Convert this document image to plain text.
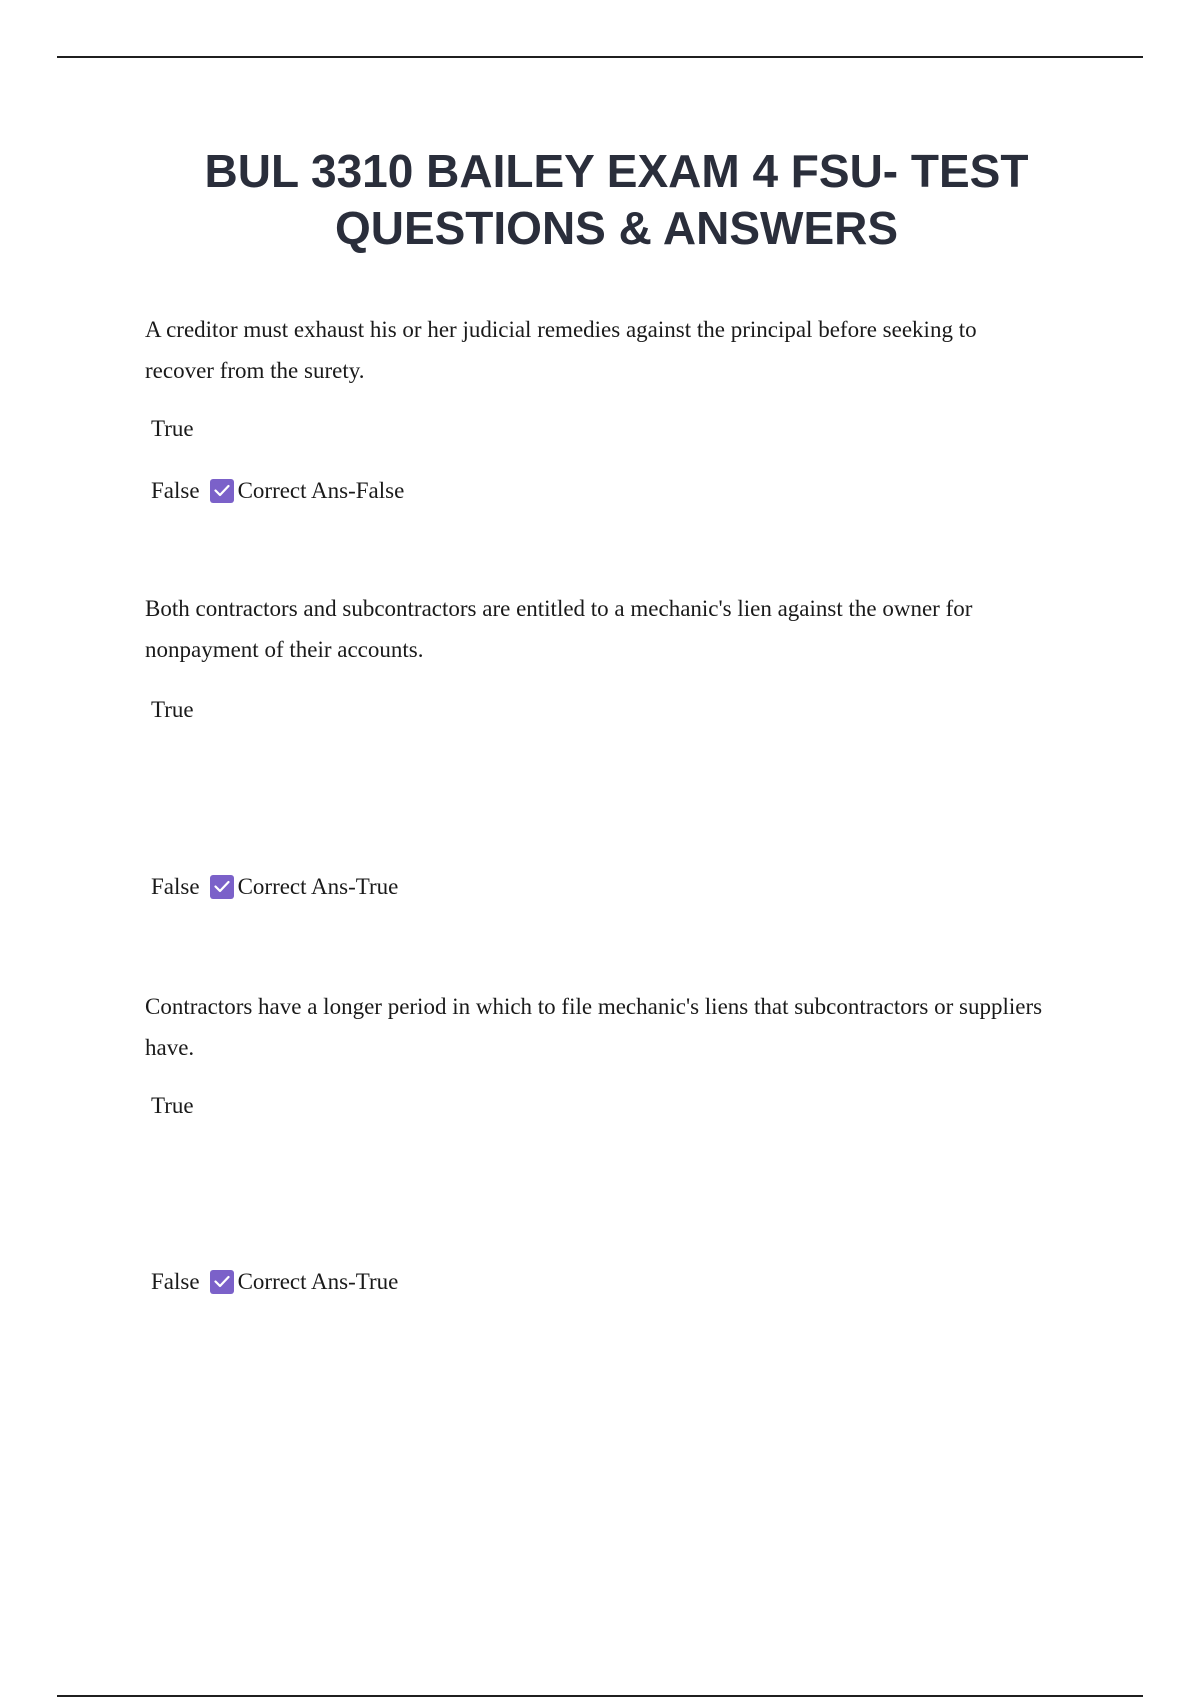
BUL 3310 BAILEY EXAM 4 FSU- TEST QUESTIONS & ANSWERS

A creditor must exhaust his or her judicial remedies against the principal before seeking to recover from the surety.

True

False Correct Ans-False

Both contractors and subcontractors are entitled to a mechanic's lien against the owner for nonpayment of their accounts.

True

False Correct Ans-True

Contractors have a longer period in which to file mechanic's liens that subcontractors or suppliers have.

True

False Correct Ans-True
